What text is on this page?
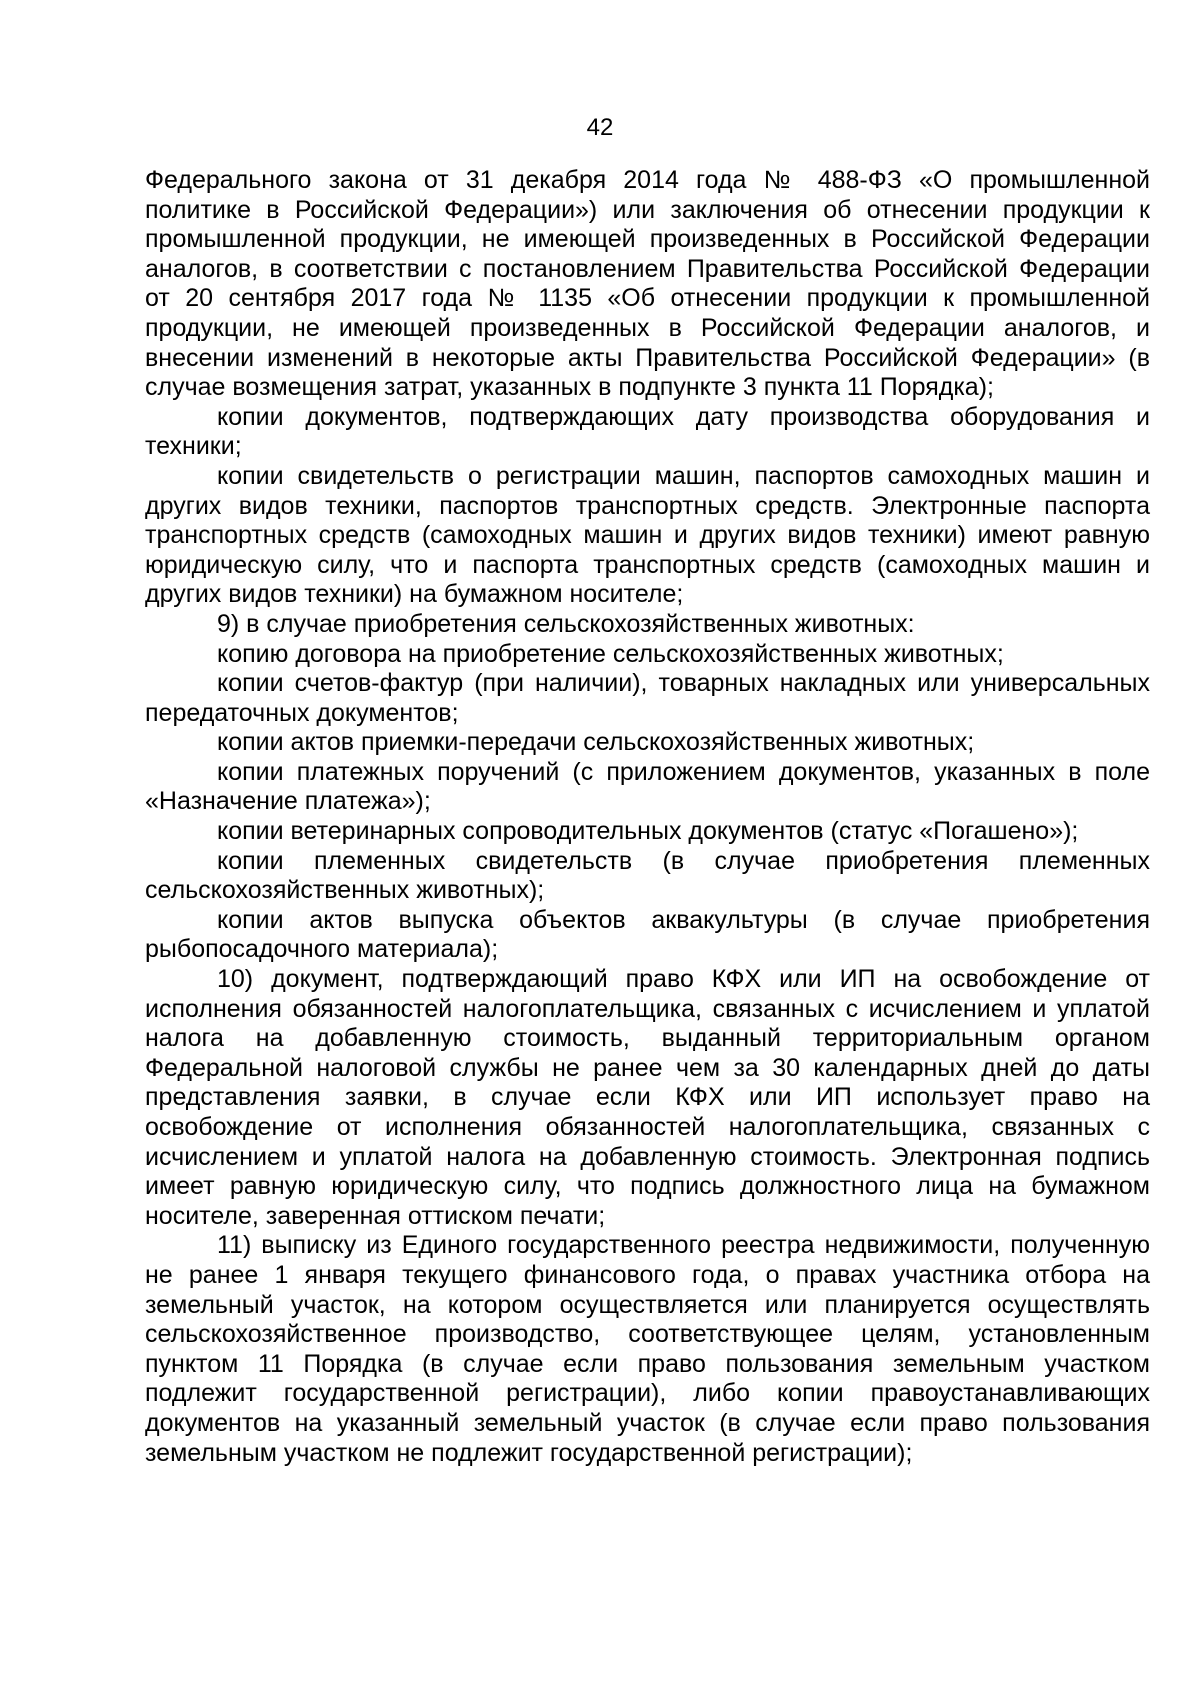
42

Федерального закона от 31 декабря 2014 года № 488-ФЗ «О промышленной политике в Российской Федерации») или заключения об отнесении продукции к промышленной продукции, не имеющей произведенных в Российской Федерации аналогов, в соответствии с постановлением Правительства Российской Федерации от 20 сентября 2017 года № 1135 «Об отнесении продукции к промышленной продукции, не имеющей произведенных в Российской Федерации аналогов, и внесении изменений в некоторые акты Правительства Российской Федерации» (в случае возмещения затрат, указанных в подпункте 3 пункта 11 Порядка);

копии документов, подтверждающих дату производства оборудования и техники;

копии свидетельств о регистрации машин, паспортов самоходных машин и других видов техники, паспортов транспортных средств. Электронные паспорта транспортных средств (самоходных машин и других видов техники) имеют равную юридическую силу, что и паспорта транспортных средств (самоходных машин и других видов техники) на бумажном носителе;

9) в случае приобретения сельскохозяйственных животных:

копию договора на приобретение сельскохозяйственных животных;

копии счетов-фактур (при наличии), товарных накладных или универсальных передаточных документов;

копии актов приемки-передачи сельскохозяйственных животных;

копии платежных поручений (с приложением документов, указанных в поле «Назначение платежа»);

копии ветеринарных сопроводительных документов (статус «Погашено»);

копии племенных свидетельств (в случае приобретения племенных сельскохозяйственных животных);

копии актов выпуска объектов аквакультуры (в случае приобретения рыбопосадочного материала);

10) документ, подтверждающий право КФХ или ИП на освобождение от исполнения обязанностей налогоплательщика, связанных с исчислением и уплатой налога на добавленную стоимость, выданный территориальным органом Федеральной налоговой службы не ранее чем за 30 календарных дней до даты представления заявки, в случае если КФХ или ИП использует право на освобождение от исполнения обязанностей налогоплательщика, связанных с исчислением и уплатой налога на добавленную стоимость. Электронная подпись имеет равную юридическую силу, что подпись должностного лица на бумажном носителе, заверенная оттиском печати;

11) выписку из Единого государственного реестра недвижимости, полученную не ранее 1 января текущего финансового года, о правах участника отбора на земельный участок, на котором осуществляется или планируется осуществлять сельскохозяйственное производство, соответствующее целям, установленным пунктом 11 Порядка (в случае если право пользования земельным участком подлежит государственной регистрации), либо копии правоустанавливающих документов на указанный земельный участок (в случае если право пользования земельным участком не подлежит государственной регистрации);
